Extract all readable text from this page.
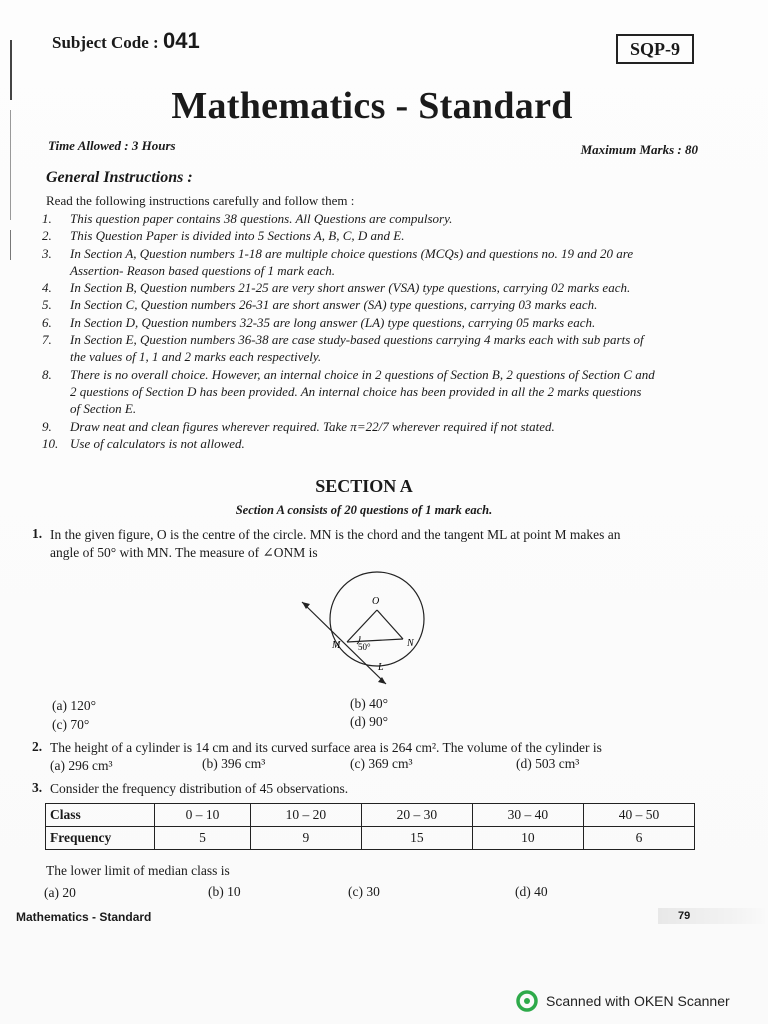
Subject Code : 041	SQP-9
Mathematics - Standard
Time Allowed : 3 Hours	Maximum Marks : 80
General Instructions :
Read the following instructions carefully and follow them :
1.	This question paper contains 38 questions. All Questions are compulsory.
2.	This Question Paper is divided into 5 Sections A, B, C, D and E.
3.	In Section A, Question numbers 1-18 are multiple choice questions (MCQs) and questions no. 19 and 20 are
Assertion- Reason based questions of 1 mark each.
4.	In Section B, Question numbers 21-25 are very short answer (VSA) type questions, carrying 02 marks each.
5.	In Section C, Question numbers 26-31 are short answer (SA) type questions, carrying 03 marks each.
6.	In Section D, Question numbers 32-35 are long answer (LA) type questions, carrying 05 marks each.
7.	In Section E, Question numbers 36-38 are case study-based questions carrying 4 marks each with sub parts of
the values of 1, 1 and 2 marks each respectively.
8.	There is no overall choice. However, an internal choice in 2 questions of Section B, 2 questions of Section C and
2 questions of Section D has been provided. An internal choice has been provided in all the 2 marks questions
of Section E.
9.	Draw neat and clean figures wherever required. Take π=22/7 wherever required if not stated.
10. Use of calculators is not allowed.
SECTION A
Section A consists of 20 questions of 1 mark each.
1. In the given figure, O is the centre of the circle. MN is the chord and the tangent ML at point M makes an
angle of 50° with MN. The measure of ∠ONM is
O
M	N
L
50°
(a) 120°	(b) 40°
(c) 70°	(d) 90°
2. The height of a cylinder is 14 cm and its curved surface area is 264 cm². The volume of the cylinder is
(a) 296 cm³	(b) 396 cm³	(c) 369 cm³	(d) 503 cm³
3. Consider the frequency distribution of 45 observations.
Class	0 – 10	10 – 20	20 – 30	30 – 40	40 – 50
Frequency	5	9	15	10	6
The lower limit of median class is
(a) 20	(b) 10	(c) 30	(d) 40
Mathematics - Standard	79
Scanned with OKEN Scanner
